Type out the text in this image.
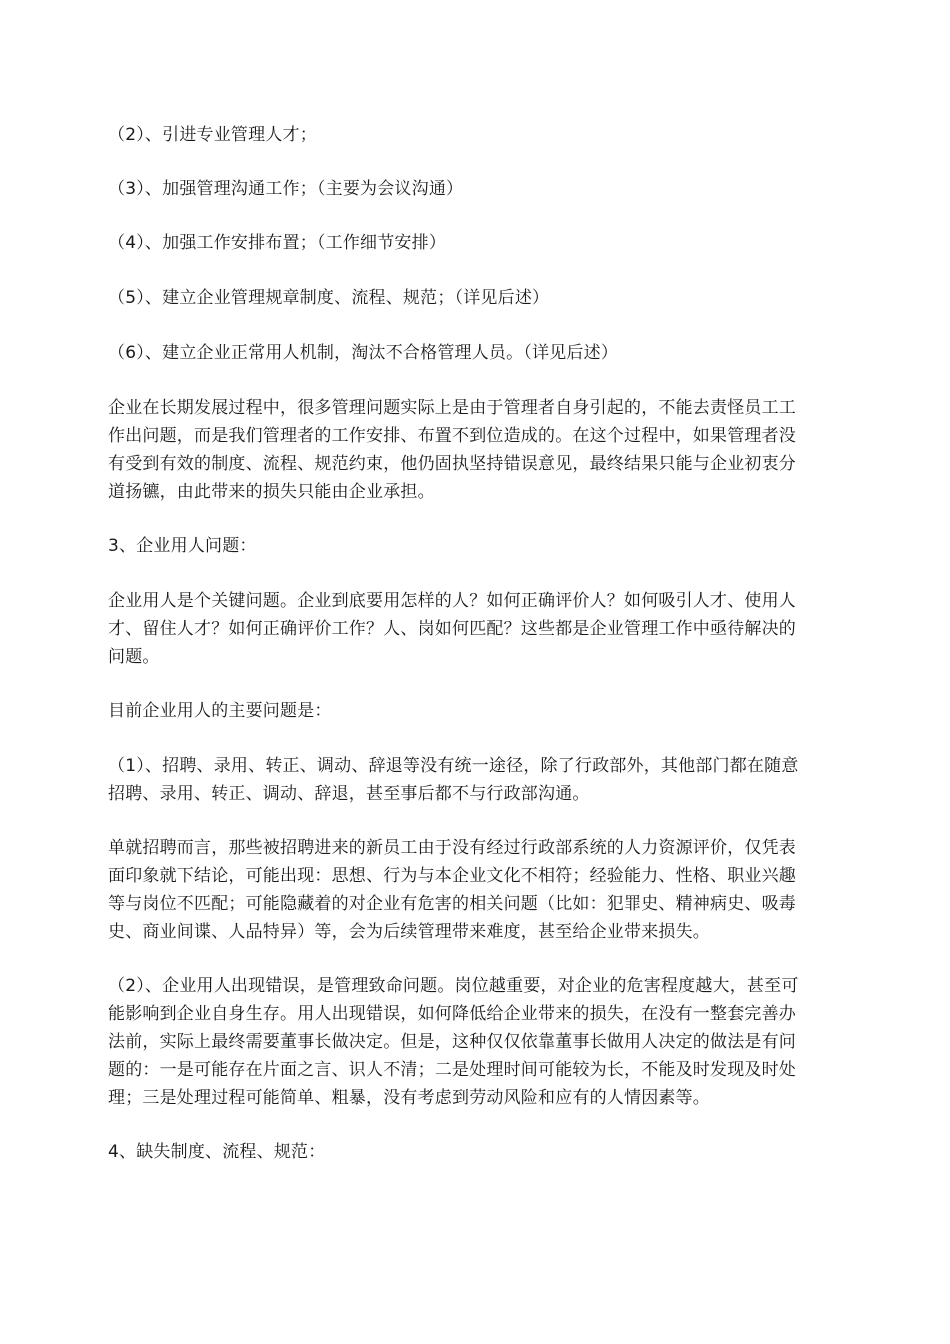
（2）、引进专业管理人才；
（3）、加强管理沟通工作；（主要为会议沟通）
（4）、加强工作安排布置；（工作细节安排）
（5）、建立企业管理规章制度、流程、规范；（详见后述）
（6）、建立企业正常用人机制，淘汰不合格管理人员。（详见后述）
企业在长期发展过程中，很多管理问题实际上是由于管理者自身引起的，不能去责怪员工工
作出问题，而是我们管理者的工作安排、布置不到位造成的。在这个过程中，如果管理者没
有受到有效的制度、流程、规范约束，他仍固执坚持错误意见，最终结果只能与企业初衷分
道扬镳，由此带来的损失只能由企业承担。
3、企业用人问题：
企业用人是个关键问题。企业到底要用怎样的人？如何正确评价人？如何吸引人才、使用人
才、留住人才？如何正确评价工作？人、岗如何匹配？这些都是企业管理工作中亟待解决的
问题。
目前企业用人的主要问题是：
（1）、招聘、录用、转正、调动、辞退等没有统一途径，除了行政部外，其他部门都在随意
招聘、录用、转正、调动、辞退，甚至事后都不与行政部沟通。
单就招聘而言，那些被招聘进来的新员工由于没有经过行政部系统的人力资源评价，仅凭表
面印象就下结论，可能出现：思想、行为与本企业文化不相符；经验能力、性格、职业兴趣
等与岗位不匹配；可能隐藏着的对企业有危害的相关问题（比如：犯罪史、精神病史、吸毒
史、商业间谍、人品特异）等，会为后续管理带来难度，甚至给企业带来损失。
（2）、企业用人出现错误，是管理致命问题。岗位越重要，对企业的危害程度越大，甚至可
能影响到企业自身生存。用人出现错误，如何降低给企业带来的损失，在没有一整套完善办
法前，实际上最终需要董事长做决定。但是，这种仅仅依靠董事长做用人决定的做法是有问
题的：一是可能存在片面之言、识人不清；二是处理时间可能较为长，不能及时发现及时处
理；三是处理过程可能简单、粗暴，没有考虑到劳动风险和应有的人情因素等。
4、缺失制度、流程、规范：
